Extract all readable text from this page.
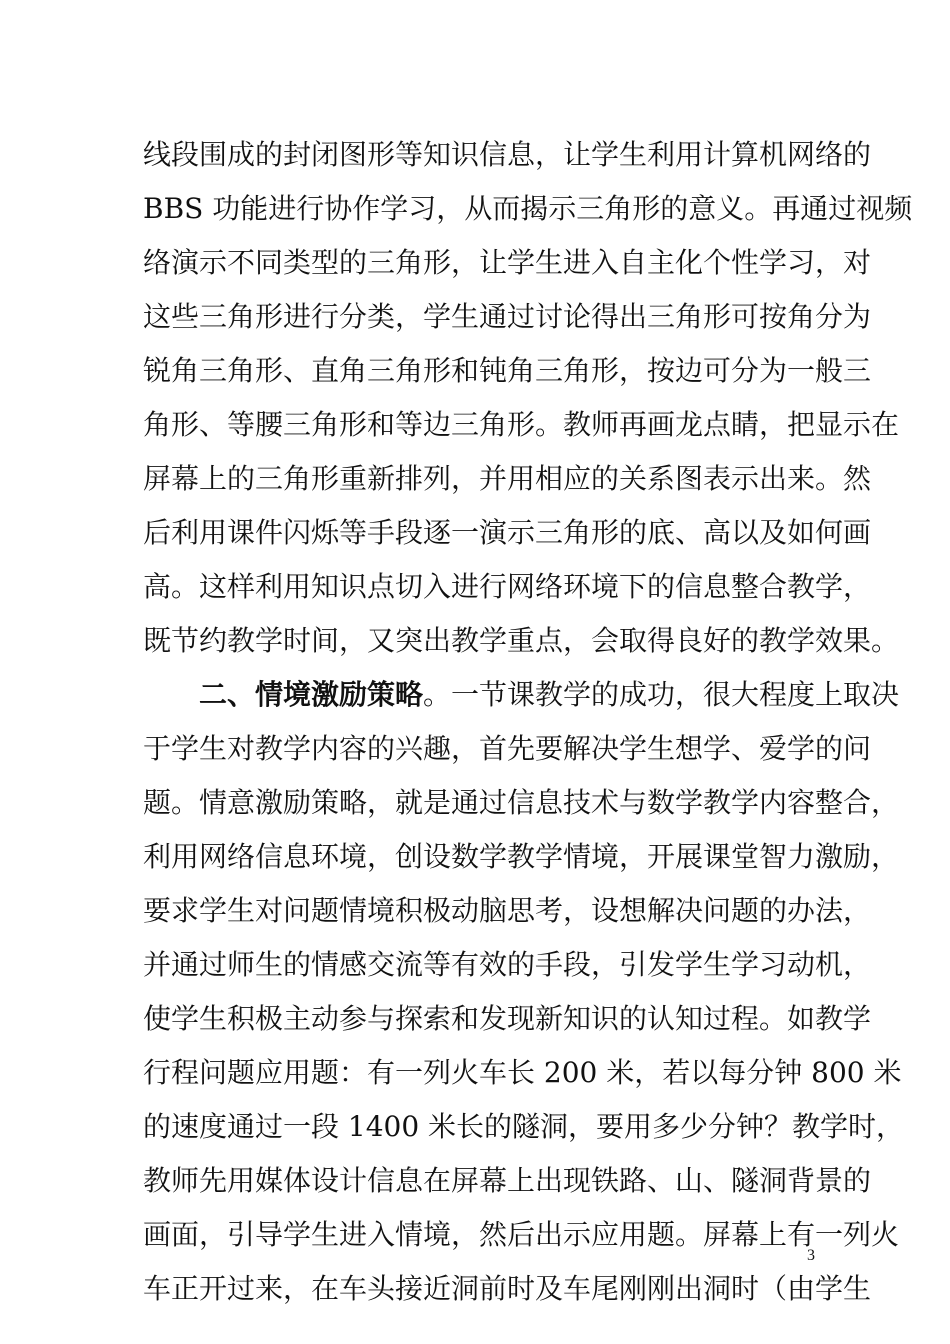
线段围成的封闭图形等知识信息，让学生利用计算机网络的
BBS 功能进行协作学习，从而揭示三角形的意义。再通过视频
络演示不同类型的三角形，让学生进入自主化个性学习，对
这些三角形进行分类，学生通过讨论得出三角形可按角分为
锐角三角形、直角三角形和钝角三角形，按边可分为一般三
角形、等腰三角形和等边三角形。教师再画龙点睛，把显示在
屏幕上的三角形重新排列，并用相应的关系图表示出来。然
后利用课件闪烁等手段逐一演示三角形的底、高以及如何画
高。这样利用知识点切入进行网络环境下的信息整合教学，
既节约教学时间，又突出教学重点，会取得良好的教学效果。
二、情境激励策略。一节课教学的成功，很大程度上取决
于学生对教学内容的兴趣，首先要解决学生想学、爱学的问
题。情意激励策略，就是通过信息技术与数学教学内容整合，
利用网络信息环境，创设数学教学情境，开展课堂智力激励，
要求学生对问题情境积极动脑思考，设想解决问题的办法，
并通过师生的情感交流等有效的手段，引发学生学习动机，
使学生积极主动参与探索和发现新知识的认知过程。如教学
行程问题应用题：有一列火车长 200 米，若以每分钟 800 米
的速度通过一段 1400 米长的隧洞，要用多少分钟？教学时，
教师先用媒体设计信息在屏幕上出现铁路、山、隧洞背景的
画面，引导学生进入情境，然后出示应用题。屏幕上有一列火
车正开过来，在车头接近洞前时及车尾刚刚出洞时（由学生
3
